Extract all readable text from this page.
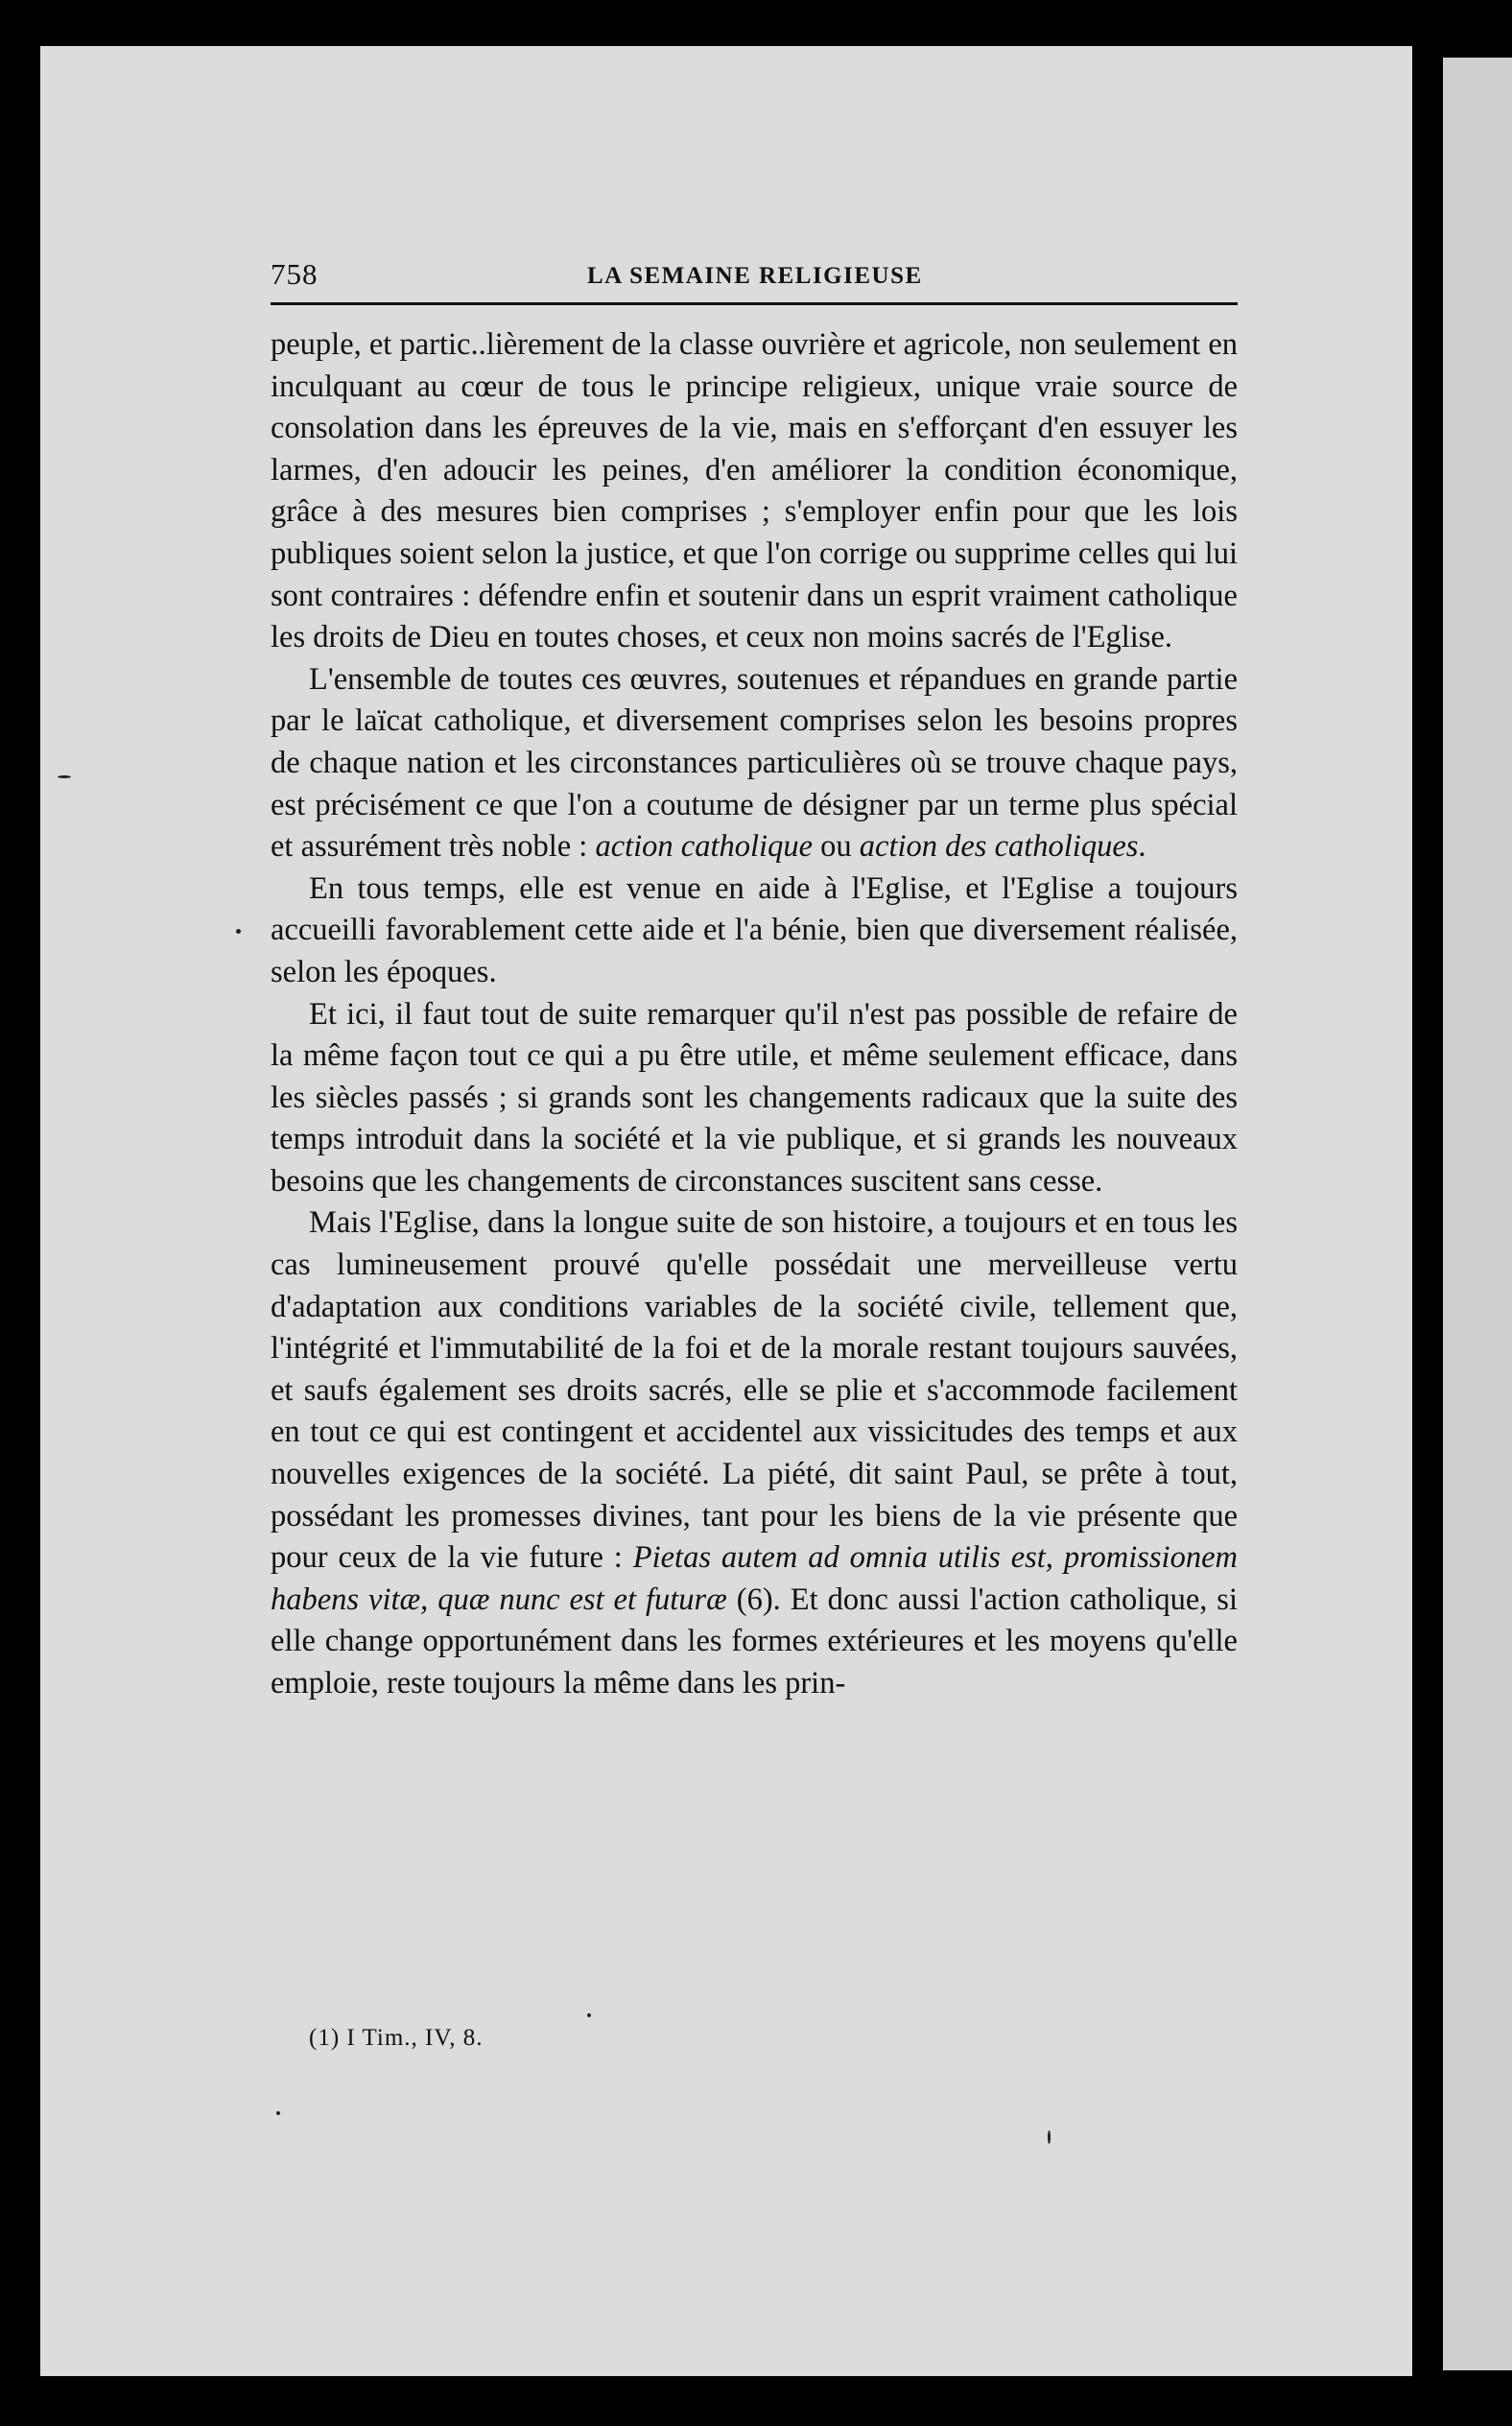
758	LA SEMAINE RELIGIEUSE

peuple, et partic..lièrement de la classe ouvrière et agricole, non seulement en inculquant au cœur de tous le principe religieux, unique vraie source de consolation dans les épreuves de la vie, mais en s'efforçant d'en essuyer les larmes, d'en adoucir les peines, d'en améliorer la condition économique, grâce à des mesures bien comprises ; s'employer enfin pour que les lois publiques soient selon la justice, et que l'on corrige ou supprime celles qui lui sont contraires : défendre enfin et soutenir dans un esprit vraiment catholique les droits de Dieu en toutes choses, et ceux non moins sacrés de l'Eglise.

L'ensemble de toutes ces œuvres, soutenues et répandues en grande partie par le laïcat catholique, et diversement comprises selon les besoins propres de chaque nation et les circonstances particulières où se trouve chaque pays, est précisément ce que l'on a coutume de désigner par un terme plus spécial et assurément très noble : action catholique ou action des catholiques.

En tous temps, elle est venue en aide à l'Eglise, et l'Eglise a toujours accueilli favorablement cette aide et l'a bénie, bien que diversement réalisée, selon les époques.

Et ici, il faut tout de suite remarquer qu'il n'est pas possible de refaire de la même façon tout ce qui a pu être utile, et même seulement efficace, dans les siècles passés ; si grands sont les changements radicaux que la suite des temps introduit dans la société et la vie publique, et si grands les nouveaux besoins que les changements de circonstances suscitent sans cesse.

Mais l'Eglise, dans la longue suite de son histoire, a toujours et en tous les cas lumineusement prouvé qu'elle possédait une merveilleuse vertu d'adaptation aux conditions variables de la société civile, tellement que, l'intégrité et l'immutabilité de la foi et de la morale restant toujours sauvées, et saufs également ses droits sacrés, elle se plie et s'accommode facilement en tout ce qui est contingent et accidentel aux vissicitudes des temps et aux nouvelles exigences de la société. La piété, dit saint Paul, se prête à tout, possédant les promesses divines, tant pour les biens de la vie présente que pour ceux de la vie future : Pietas autem ad omnia utilis est, promissionem habens vitæ, quæ nunc est et futuræ (6). Et donc aussi l'action catholique, si elle change opportunément dans les formes extérieures et les moyens qu'elle emploie, reste toujours la même dans les prin-

(1) I Tim., IV, 8.
